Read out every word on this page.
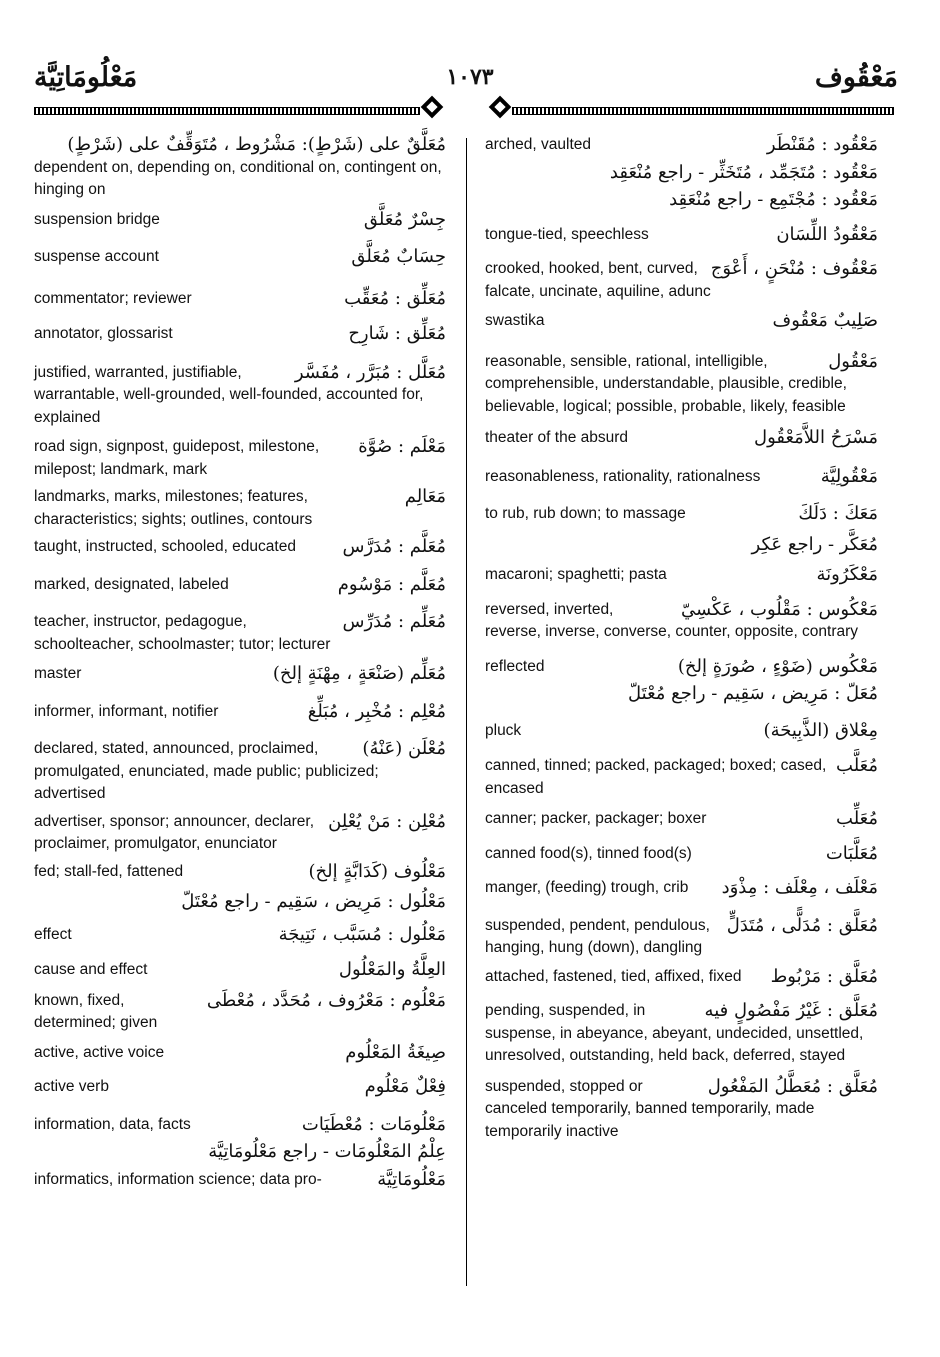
مَعْلُومَاتِيَّة	١٠٧٣	مَعْقُوف
مُعَلَّقٌ على (شَرْطٍ): مَشْرُوط ، مُتَوَقِّفٌ على (شَرْطٍ)
dependent on, depending on, conditional on, contingent on, hinging on
جِسْرٌ مُعَلَّق
suspension bridge
حِسَابٌ مُعَلَّق
suspense account
مُعَلِّق : مُعَقِّب
commentator; reviewer
مُعَلِّق : شَارِح
annotator, glossarist
مُعَلَّل : مُبَرَّر ، مُفَسَّر
justified, warranted, justifiable, warrantable, well-grounded, well-founded, accounted for, explained
مَعْلَم : صُوَّة
road sign, signpost, guidepost, milestone, milepost; landmark, mark
مَعَالِم
landmarks, marks, milestones; features, characteristics; sights; outlines, contours
مُعَلَّم : مُدَرَّس
taught, instructed, schooled, educated
مُعَلَّم : مَوْسُوم
marked, designated, labeled
مُعَلِّم : مُدَرِّس
teacher, instructor, pedagogue, schoolteacher, schoolmaster; tutor; lecturer
مُعَلِّم (صَنْعَةٍ ، مِهْنَةٍ إلخ)
master
مُعْلِم : مُخْبِر ، مُبَلِّغ
informer, informant, notifier
مُعْلَن (عَنْهُ)
declared, stated, announced, proclaimed, promulgated, enunciated, made public; publicized; advertised
مُعْلِن : مَنْ يُعْلِن
advertiser, sponsor; announcer, declarer, proclaimer, promulgator, enunciator
مَعْلُوف (كَدَابَّةٍ إلخ)
fed; stall-fed, fattened
مَعْلُول : مَرِيض ، سَقِيم - راجع مُعْتَلّ
مَعْلُول : مُسَبَّب ، نَتِيجَة
effect
العِلَّةُ والمَعْلُول
cause and effect
مَعْلُوم : مَعْرُوف ، مُحَدَّد ، مُعْطَى
known, fixed, determined; given
صِيغَةُ المَعْلُوم
active, active voice
فِعْلٌ مَعْلُوم
active verb
مَعْلُومَات : مُعْطَيَات
information, data, facts
عِلْمُ المَعْلُومَات - راجع مَعْلُومَاتِيَّة
مَعْلُومَاتِيَّة
informatics, information science; data pro-
مَعْقُود : مُقَنْطَر
arched, vaulted
مَعْقُود : مُتَجَمِّد ، مُتَخَثِّر - راجع مُنْعَقِد
مَعْقُود : مُجْتَمِع - راجع مُنْعَقِد
مَعْقُودُ اللِّسَان
tongue-tied, speechless
مَعْقُوف : مُنْحَنٍ ، أَعْوَج
crooked, hooked, bent, curved, falcate, uncinate, aquiline, adunc
صَلِيبٌ مَعْقُوف
swastika
مَعْقُول
reasonable, sensible, rational, intelligible, comprehensible, understandable, plausible, credible, believable, logical; possible, probable, likely, feasible
مَسْرَحُ اللاَّمَعْقُول
theater of the absurd
مَعْقُولِيَّة
reasonableness, rationality, rationalness
مَعَكَ : دَلَكَ
to rub, rub down; to massage
مُعَكَّر - راجع عَكِر
مَعْكَرُونَة
macaroni; spaghetti; pasta
مَعْكُوس : مَقْلُوب ، عَكْسِيّ
reversed, inverted, reverse, inverse, converse, counter, opposite, contrary
مَعْكُوس (ضَوْءٍ ، صُورَةٍ إلخ)
reflected
مُعَلّ : مَرِيض ، سَقِيم - راجع مُعْتَلّ
مِعْلاق (الذَّبِيحَة)
pluck
مُعَلَّب
canned, tinned; packed, packaged; boxed; cased, encased
مُعَلِّب
canner; packer, packager; boxer
مُعَلَّبَات
canned food(s), tinned food(s)
مَعْلَف ، مِعْلَف : مِذْوَد
manger, (feeding) trough, crib
مُعَلَّق : مُدَلًّى ، مُتَدَلٍّ
suspended, pendent, pendulous, hanging, hung (down), dangling
مُعَلَّق : مَرْبُوط
attached, fastened, tied, affixed, fixed
مُعَلَّق : غَيْرُ مَفْصُولٍ فيه
pending, suspended, in suspense, in abeyance, abeyant, undecided, unsettled, unresolved, outstanding, held back, deferred, stayed
مُعَلَّق : مُعَطَّلُ المَفْعُول
suspended, stopped or canceled temporarily, banned temporarily, made temporarily inactive
